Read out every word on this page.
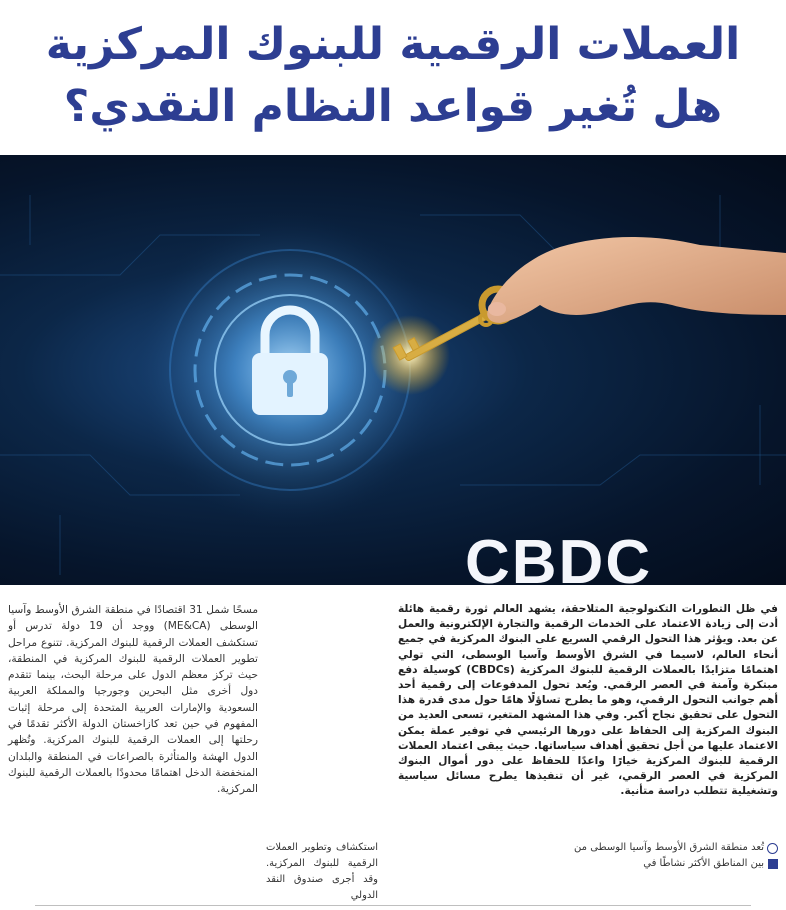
العملات الرقمية للبنوك المركزية
هل تُغير قواعد النظام النقدي؟
CBDC
في ظل التطورات التكنولوجية المتلاحقة، يشهد العالم ثورة رقمية هائلة أدت إلى زيادة الاعتماد على الخدمات الرقمية والتجارة الإلكترونية والعمل عن بعد. ويؤثر هذا التحول الرقمي السريع على البنوك المركزية في جميع أنحاء العالم، لاسيما في الشرق الأوسط وآسيا الوسطى، التي تولي اهتمامًا متزايدًا بالعملات الرقمية للبنوك المركزية (CBDCs) كوسيلة دفع مبتكرة وآمنة في العصر الرقمي. ويُعد تحول المدفوعات إلى رقمية أحد أهم جوانب التحول الرقمي، وهو ما يطرح تساؤلًا هامًا حول مدى قدرة هذا التحول على تحقيق نجاح أكبر. وفي هذا المشهد المتغير، تسعى العديد من البنوك المركزية إلى الحفاظ على دورها الرئيسي في توفير عملة يمكن الاعتماد عليها من أجل تحقيق أهداف سياساتها. حيث يبقى اعتماد العملات الرقمية للبنوك المركزية خيارًا واعدًا للحفاظ على دور أموال البنوك المركزية في العصر الرقمي، غير أن تنفيذها يطرح مسائل سياسية وتشغيلية تتطلب دراسة متأنية.
مسحًا شمل 31 اقتصادًا في منطقة الشرق الأوسط وآسيا الوسطى (ME&CA) ووجد أن 19 دولة تدرس أو تستكشف العملات الرقمية للبنوك المركزية. تتنوع مراحل تطوير العملات الرقمية للبنوك المركزية في المنطقة، حيث تركز معظم الدول على مرحلة البحث، بينما تتقدم دول أخرى مثل البحرين وجورجيا والمملكة العربية السعودية والإمارات العربية المتحدة إلى مرحلة إثبات المفهوم في حين تعد كازاخستان الدولة الأكثر تقدمًا في رحلتها إلى العملات الرقمية للبنوك المركزية. وتُظهر الدول الهشة والمتأثرة بالصراعات في المنطقة والبلدان المنخفضة الدخل اهتمامًا محدودًا بالعملات الرقمية للبنوك المركزية.
استكشاف وتطوير العملات الرقمية للبنوك المركزية. وقد أجرى صندوق النقد الدولي
تُعد منطقة الشرق الأوسط وآسيا الوسطى من بين المناطق الأكثر نشاطًا في
